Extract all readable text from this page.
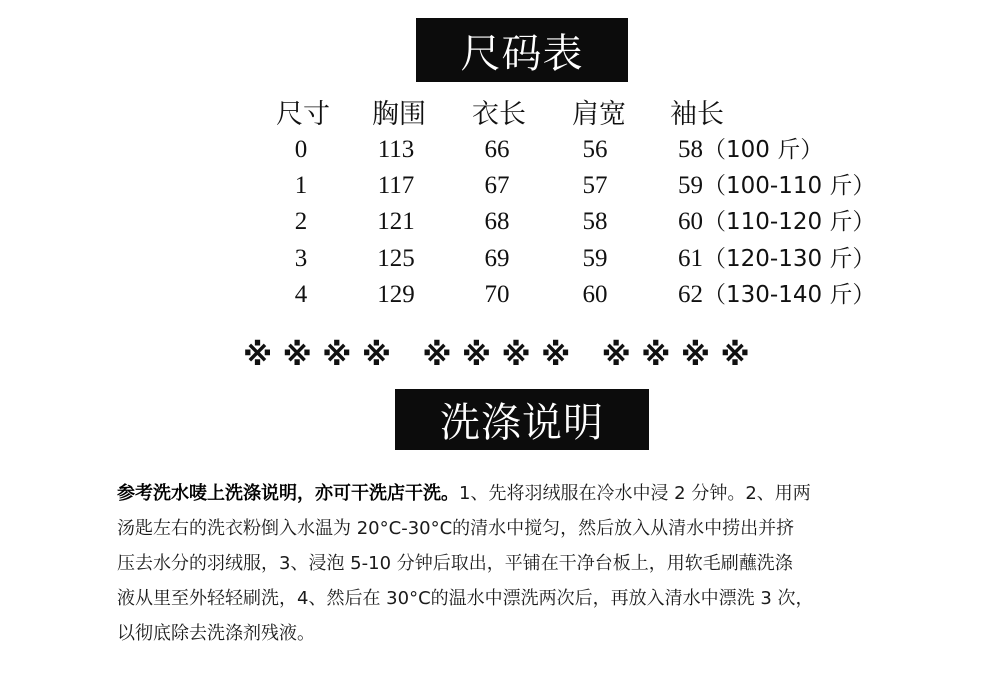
尺码表
尺寸 胸围 衣长 肩宽 袖长
0	113	66	56	58（100 斤）
1	117	67	57	59（100-110 斤）
2	121	68	58	60（110-120 斤）
3	125	69	59	61（120-130 斤）
4	129	70	60	62（130-140 斤）
※ ※ ※ ※   ※ ※ ※ ※   ※ ※ ※ ※
洗涤说明
参考洗水唛上洗涤说明，亦可干洗店干洗。1、先将羽绒服在冷水中浸 2 分钟。2、用两
汤匙左右的洗衣粉倒入水温为 20°C-30°C的清水中搅匀，然后放入从清水中捞出并挤
压去水分的羽绒服，3、浸泡 5-10 分钟后取出，平铺在干净台板上，用软毛刷蘸洗涤
液从里至外轻轻刷洗，4、然后在 30°C的温水中漂洗两次后，再放入清水中漂洗 3 次，
以彻底除去洗涤剂残液。
